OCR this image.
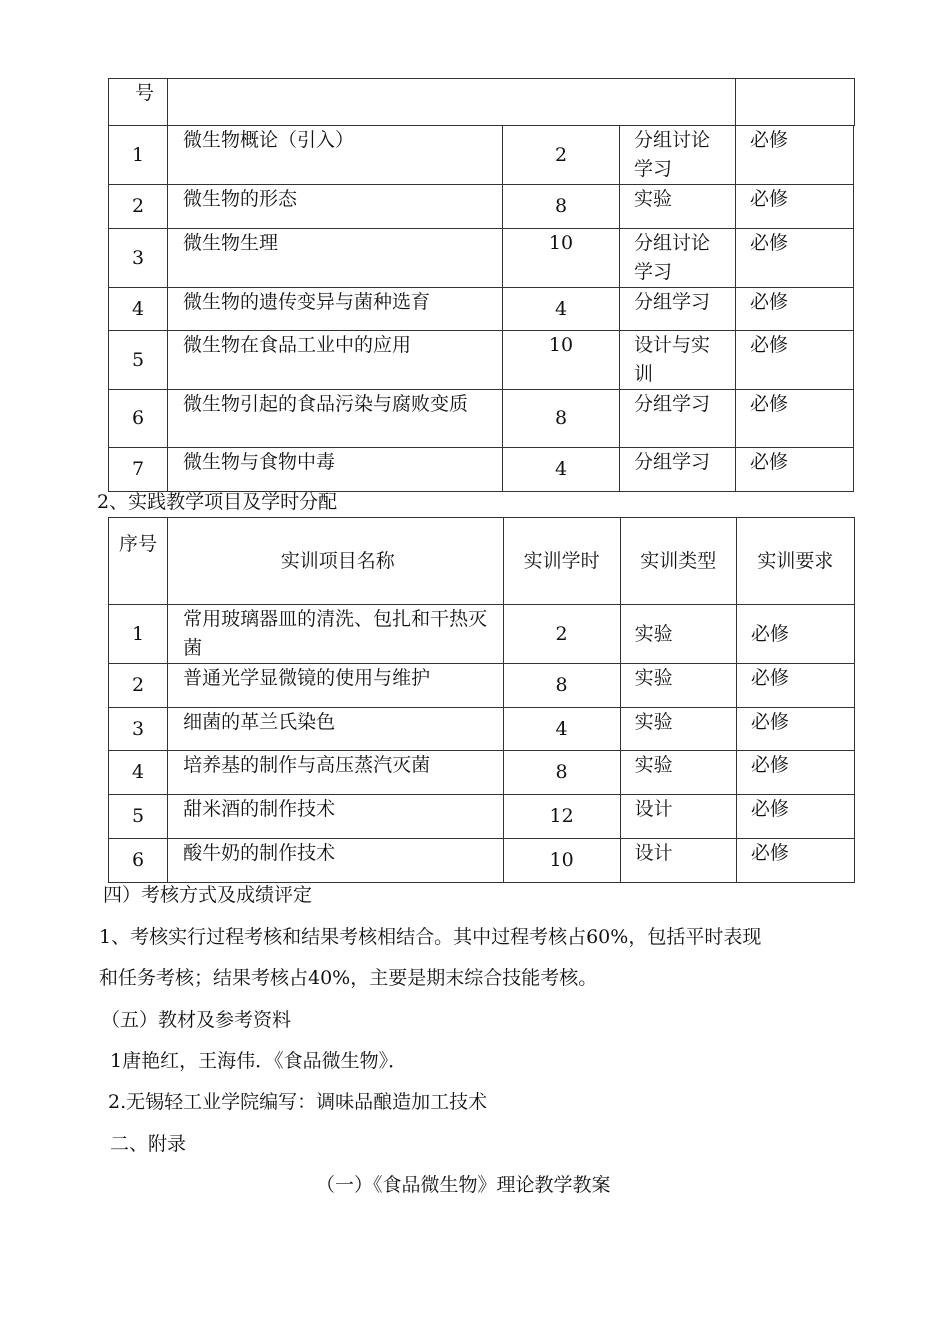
号				
1	微生物概论（引入）	2	分组讨论学习	必修
2	微生物的形态	8	实验	必修
3	微生物生理	10	分组讨论学习	必修
4	微生物的遗传变异与菌种选育	4	分组学习	必修
5	微生物在食品工业中的应用	10	设计与实训	必修
6	微生物引起的食品污染与腐败变质	8	分组学习	必修
7	微生物与食物中毒	4	分组学习	必修
2、实践教学项目及学时分配
序号	实训项目名称	实训学时	实训类型	实训要求
1	常用玻璃器皿的清洗、包扎和干热灭菌	2	实验	必修
2	普通光学显微镜的使用与维护	8	实验	必修
3	细菌的革兰氏染色	4	实验	必修
4	培养基的制作与高压蒸汽灭菌	8	实验	必修
5	甜米酒的制作技术	12	设计	必修
6	酸牛奶的制作技术	10	设计	必修
四）考核方式及成绩评定
1、考核实行过程考核和结果考核相结合。其中过程考核占60%，包括平时表现
和任务考核；结果考核占40%，主要是期末综合技能考核。
（五）教材及参考资料
1唐艳红，王海伟．《食品微生物》．
2.无锡轻工业学院编写：调味品酿造加工技术
二、附录
（一）《食品微生物》理论教学教案
